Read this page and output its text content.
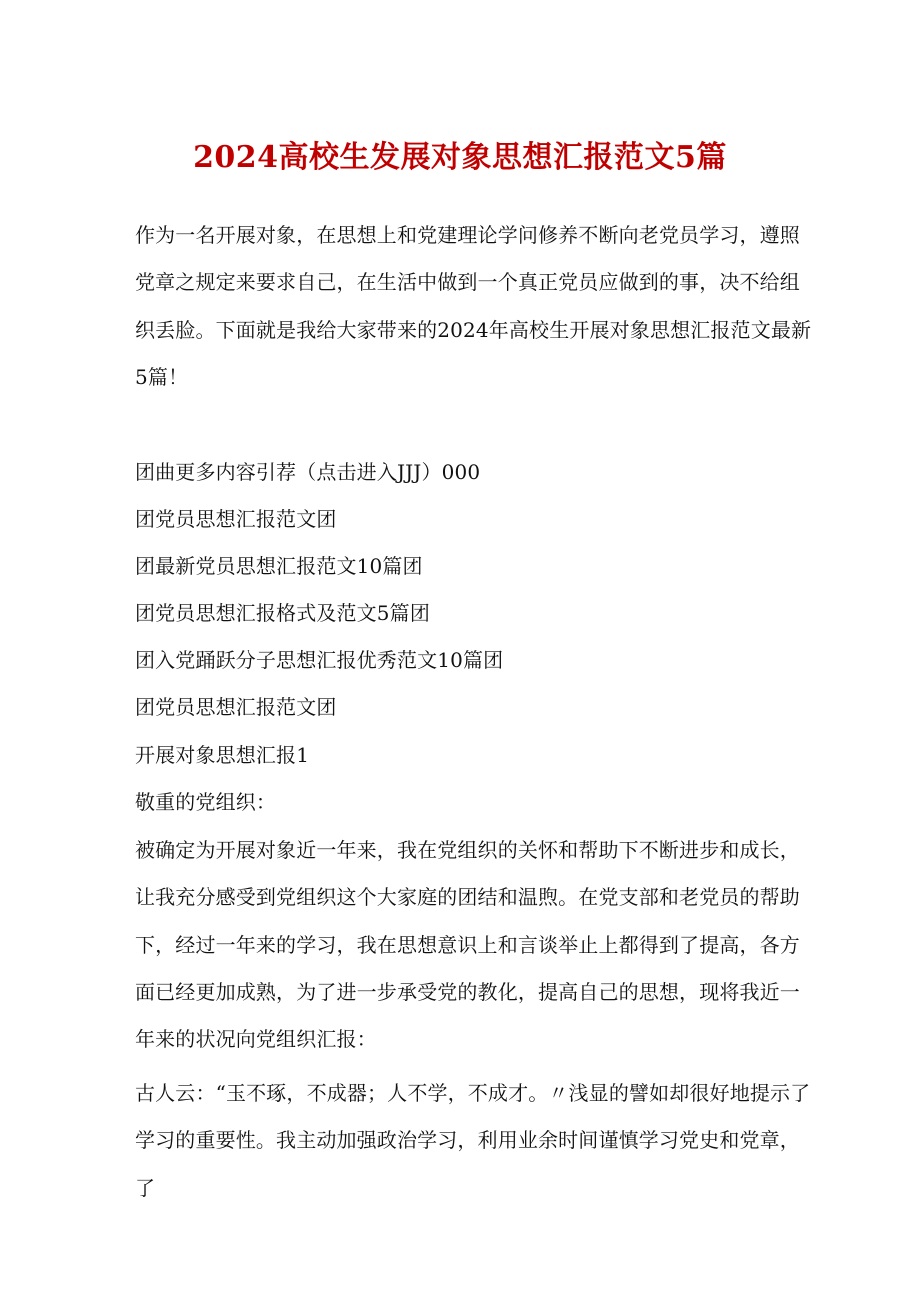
2024高校生发展对象思想汇报范文5篇
作为一名开展对象，在思想上和党建理论学问修养不断向老党员学习，遵照党章之规定来要求自己，在生活中做到一个真正党员应做到的事，决不给组织丢脸。下面就是我给大家带来的2024年高校生开展对象思想汇报范文最新5篇！
团曲更多内容引荐（点击进入JJJ）000
团党员思想汇报范文团
团最新党员思想汇报范文10篇团
团党员思想汇报格式及范文5篇团
团入党踊跃分子思想汇报优秀范文10篇团
团党员思想汇报范文团
开展对象思想汇报1
敬重的党组织：
被确定为开展对象近一年来，我在党组织的关怀和帮助下不断进步和成长，让我充分感受到党组织这个大家庭的团结和温煦。在党支部和老党员的帮助下，经过一年来的学习，我在思想意识上和言谈举止上都得到了提高，各方面已经更加成熟，为了进一步承受党的教化，提高自己的思想，现将我近一年来的状况向党组织汇报：
古人云：“玉不琢，不成器；人不学，不成才。〃浅显的譬如却很好地提示了学习的重要性。我主动加强政治学习，利用业余时间谨慎学习党史和党章，了
